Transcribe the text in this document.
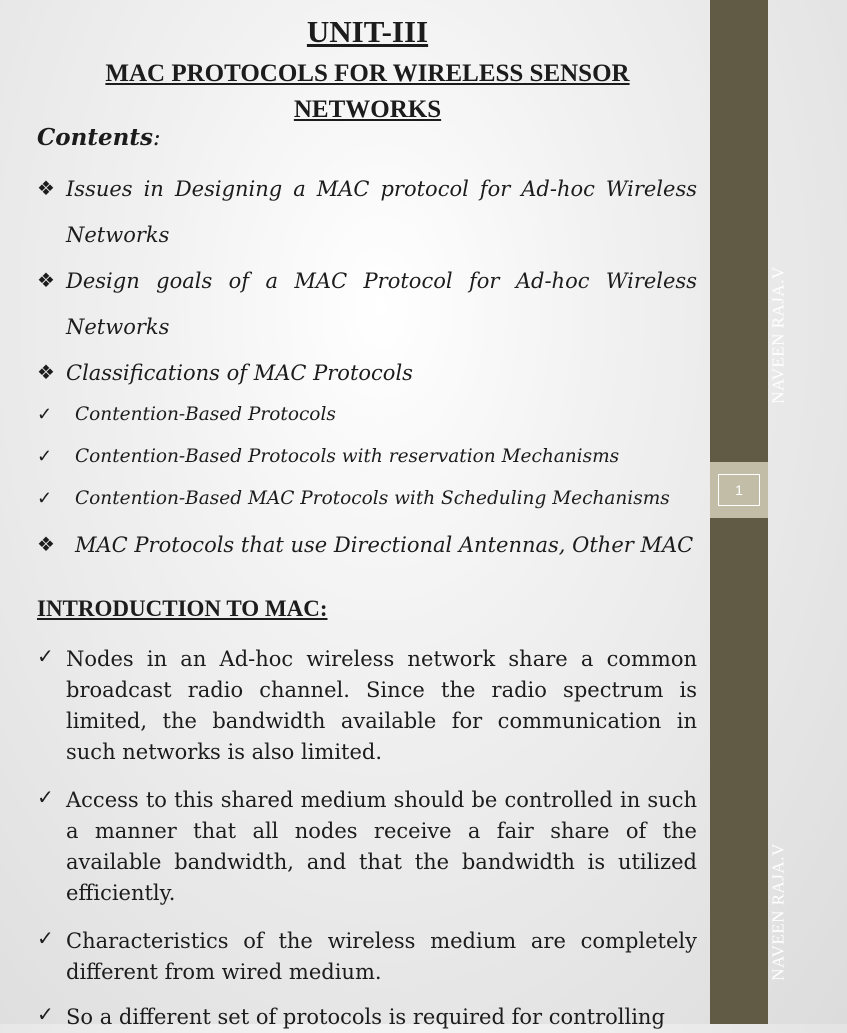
UNIT-III
MAC PROTOCOLS FOR WIRELESS SENSOR
NETWORKS
Contents:
❖ Issues in Designing a MAC protocol for Ad-hoc Wireless
Networks
❖ Design goals of a MAC Protocol for Ad-hoc Wireless
Networks
❖ Classifications of MAC Protocols
✓ Contention-Based Protocols
✓ Contention-Based Protocols with reservation Mechanisms
✓ Contention-Based MAC Protocols with Scheduling Mechanisms
❖ MAC Protocols that use Directional Antennas, Other MAC
INTRODUCTION TO MAC:
✓ Nodes in an Ad-hoc wireless network share a common broadcast radio channel. Since the radio spectrum is limited, the bandwidth available for communication in such networks is also limited.
✓ Access to this shared medium should be controlled in such a manner that all nodes receive a fair share of the available bandwidth, and that the bandwidth is utilized efficiently.
✓ Characteristics of the wireless medium are completely different from wired medium.
✓ So a different set of protocols is required for controlling
NAVEEN RAJA.V
1
NAVEEN RAJA.V
